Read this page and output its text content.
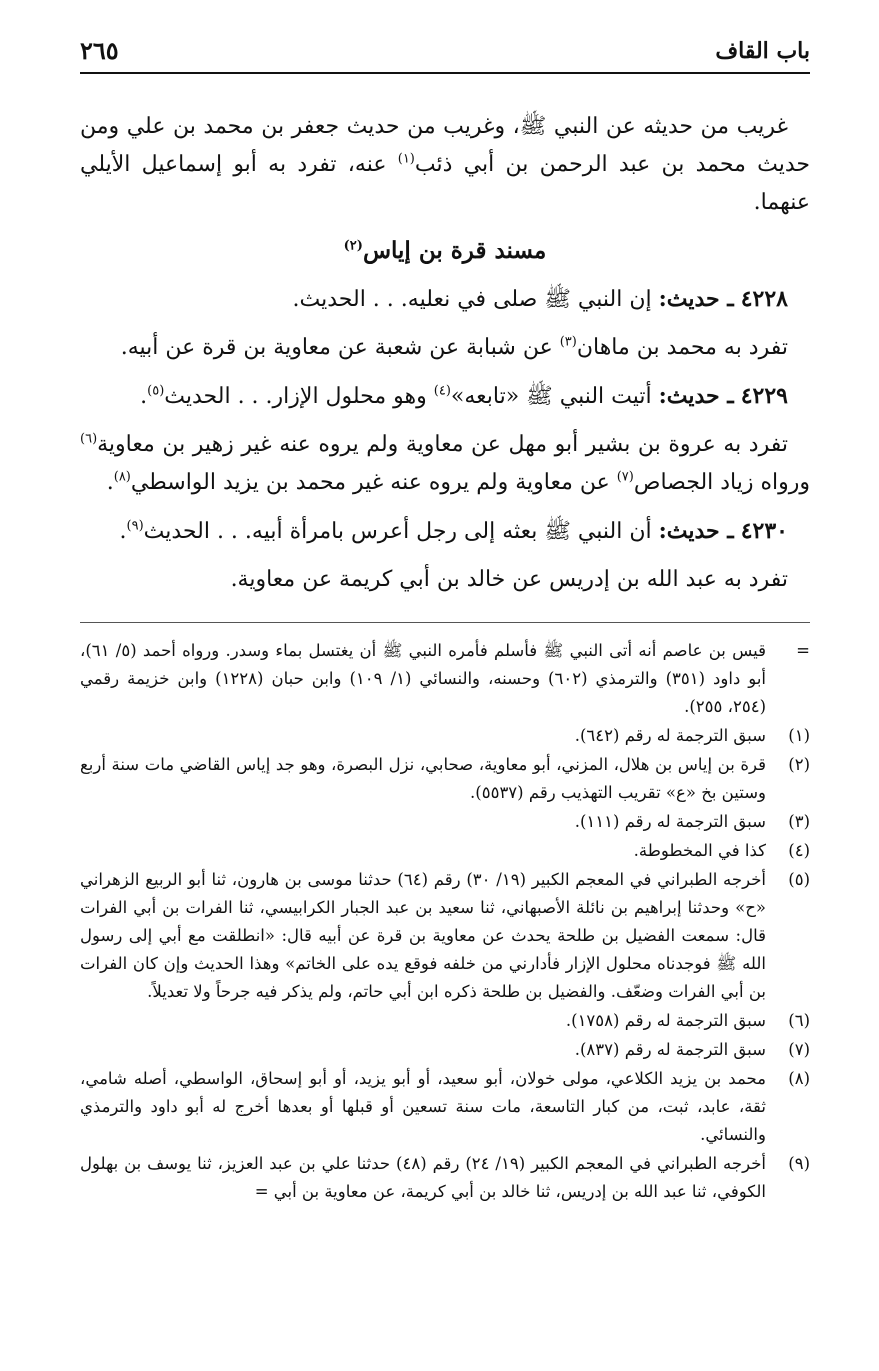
باب القاف
٢٦٥

غريب من حديثه عن النبي ﷺ، وغريب من حديث جعفر بن محمد بن علي ومن حديث محمد بن عبد الرحمن بن أبي ذئب$^{(١)}$ عنه، تفرد به أبو إسماعيل الأيلي عنهما.

مسند قرة بن إياس$^{(٢)}$

٤٢٢٨ ـ حديث: إن النبي ﷺ صلى في نعليه. . . الحديث.

تفرد به محمد بن ماهان$^{(٣)}$ عن شبابة عن شعبة عن معاوية بن قرة عن أبيه.

٤٢٢٩ ـ حديث: أتيت النبي ﷺ «تابعه»$^{(٤)}$ وهو محلول الإزار. . . الحديث$^{(٥)}$.

تفرد به عروة بن بشير أبو مهل عن معاوية ولم يروه عنه غير زهير بن معاوية$^{(٦)}$ ورواه زياد الجصاص$^{(٧)}$ عن معاوية ولم يروه عنه غير محمد بن يزيد الواسطي$^{(٨)}$.

٤٢٣٠ ـ حديث: أن النبي ﷺ بعثه إلى رجل أعرس بامرأة أبيه. . . الحديث$^{(٩)}$.

تفرد به عبد الله بن إدريس عن خالد بن أبي كريمة عن معاوية.

=
قيس بن عاصم أنه أتى النبي ﷺ فأسلم فأمره النبي ﷺ أن يغتسل بماء وسدر. ورواه أحمد (٥/ ٦١)، أبو داود (٣٥١) والترمذي (٦٠٢) وحسنه، والنسائي (١/ ١٠٩) وابن حبان (١٢٢٨) وابن خزيمة رقمي (٢٥٤، ٢٥٥).
(١)
سبق الترجمة له رقم (٦٤٢).
(٢)
قرة بن إياس بن هلال، المزني، أبو معاوية، صحابي، نزل البصرة، وهو جد إياس القاضي مات سنة أربع وستين بخ «ع» تقريب التهذيب رقم (٥٥٣٧).
(٣)
سبق الترجمة له رقم (١١١).
(٤)
كذا في المخطوطة.
(٥)
أخرجه الطبراني في المعجم الكبير (١٩/ ٣٠) رقم (٦٤) حدثنا موسى بن هارون، ثنا أبو الربيع الزهراني «ح» وحدثنا إبراهيم بن نائلة الأصبهاني، ثنا سعيد بن عبد الجبار الكرابيسي، ثنا الفرات بن أبي الفرات قال: سمعت الفضيل بن طلحة يحدث عن معاوية بن قرة عن أبيه قال: «انطلقت مع أبي إلى رسول الله ﷺ فوجدناه محلول الإزار فأدارني من خلفه فوقع يده على الخاتم» وهذا الحديث وإن كان الفرات بن أبي الفرات وضعّف. والفضيل بن طلحة ذكره ابن أبي حاتم، ولم يذكر فيه جرحاً ولا تعديلاً.
(٦)
سبق الترجمة له رقم (١٧٥٨).
(٧)
سبق الترجمة له رقم (٨٣٧).
(٨)
محمد بن يزيد الكلاعي، مولى خولان، أبو سعيد، أو أبو يزيد، أو أبو إسحاق، الواسطي، أصله شامي، ثقة، عابد، ثبت، من كبار التاسعة، مات سنة تسعين أو قبلها أو بعدها أخرج له أبو داود والترمذي والنسائي.
(٩)
أخرجه الطبراني في المعجم الكبير (١٩/ ٢٤) رقم (٤٨) حدثنا علي بن عبد العزيز، ثنا يوسف بن بهلول الكوفي، ثنا عبد الله بن إدريس، ثنا خالد بن أبي كريمة، عن معاوية بن أبي =
